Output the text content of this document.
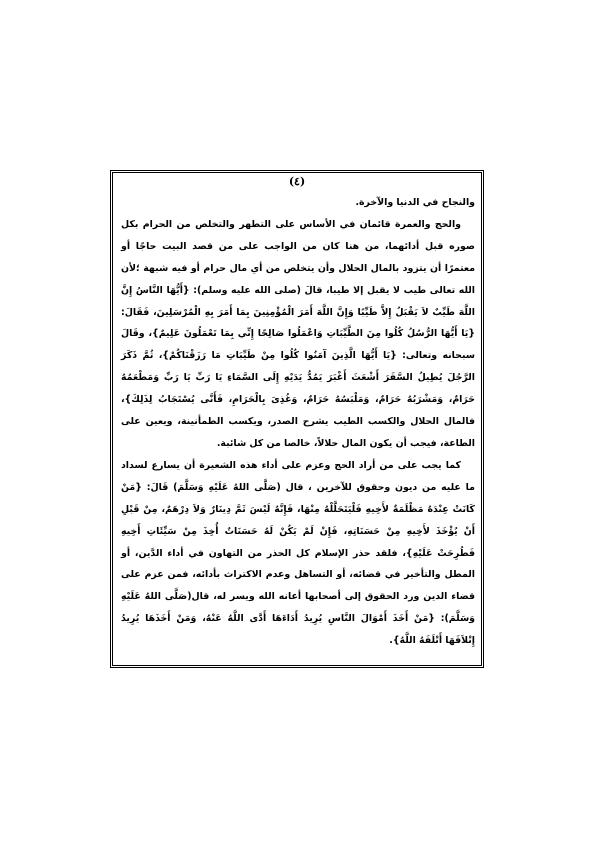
(٤)

والنجاح في الدنيا والآخرة.

والحج والعمرة قائمان في الأساس على التطهر والتخلص من الحرام بكل صوره قبل أدائهما، من هنا كان من الواجب على من قصد البيت حاجًا أو معتمرًا أن يتزود بالمال الحلال وأن يتخلص من أي مال حرام أو فيه شبهة ؛لأن الله تعالى طيب لا يقبل إلا طيبا، قالَ (صلى الله عليه وسلم): {أَيُّهَا النَّاسُ إِنَّ اللَّهَ طَيِّبٌ لاَ يَقْبَلُ إِلاَّ طَيِّبًا وَإِنَّ اللَّهَ أَمَرَ الْمُؤْمِنِينَ بِمَا أَمَرَ بِهِ الْمُرْسَلِينَ، فَقَالَ: {يَا أَيُّهَا الرُّسُلُ كُلُوا مِنَ الطَّيِّبَاتِ وَاعْمَلُوا صَالِحًا إِنِّي بِمَا تَعْمَلُونَ عَلِيمٌ}، وقَالَ سبحانه وتعالى: {يَا أَيُّهَا الَّذِينَ آمَنُوا كُلُوا مِنْ طَيِّبَاتِ مَا رَزَقْنَاكُمْ}، ثُمَّ ذَكَرَ الرَّجُلَ يُطِيلُ السَّفَرَ أَشْعَثَ أَغْبَرَ يَمُدُّ يَدَيْهِ إِلَى السَّمَاءِ يَا رَبِّ يَا رَبِّ وَمَطْعَمُهُ حَرَامٌ، وَمَشْرَبُهُ حَرَامٌ، وَمَلْبَسُهُ حَرَامٌ، وَغُذِىَ بِالْحَرَامِ، فَأَنَّى يُسْتَجَابُ لِذَلِكَ}، فالمال الحلال والكسب الطيب يشرح الصدر، ويكسب الطمأنينة، ويعين على الطاعة، فيجب أن يكون المال حلالاً، خالصا من كل شائبة.

كما يجب على من أراد الحج وعزم على أداء هذه الشعيرة أن يسارع لسداد ما عليه من ديون وحقوق للآخرين ، قال (صَلَّى اللهُ عَلَيْهِ وَسَلَّمَ) قَالَ: {مَنْ كَانَتْ عِنْدَهُ مَظْلَمَةٌ لأَخِيهِ فَلْيَتَحَلَّلْهُ مِنْهَا، فَإِنَّهُ لَيْسَ ثَمَّ دِينَارٌ وَلاَ دِرْهَمٌ، مِنْ قَبْلِ أَنْ يُؤْخَذَ لأَخِيهِ مِنْ حَسَنَاتِهِ، فَإِنْ لَمْ يَكُنْ لَهُ حَسَنَاتٌ أُخِذَ مِنْ سَيِّئَاتِ أَخِيهِ فَطُرِحَتْ عَلَيْهِ}، فلقد حذر الإسلام كل الحذر من التهاون في أداء الدَّين، أو المطل والتأخير في قضائه، أو التساهل وعدم الاكتراث بأدائه، فمن عزم على قضاء الدين ورد الحقوق إلى أصحابها أعانه الله ويسر له، قال(صَلَّى اللهُ عَلَيْهِ وَسَلَّمَ): {مَنْ أَخَذَ أَمْوَالَ النَّاسِ يُرِيدُ أَدَاءَهَا أَدَّى اللَّهُ عَنْهُ، وَمَنْ أَخَذَهَا يُرِيدُ إِتْلاَفَهَا أَتْلَفَهُ اللَّهُ}.
